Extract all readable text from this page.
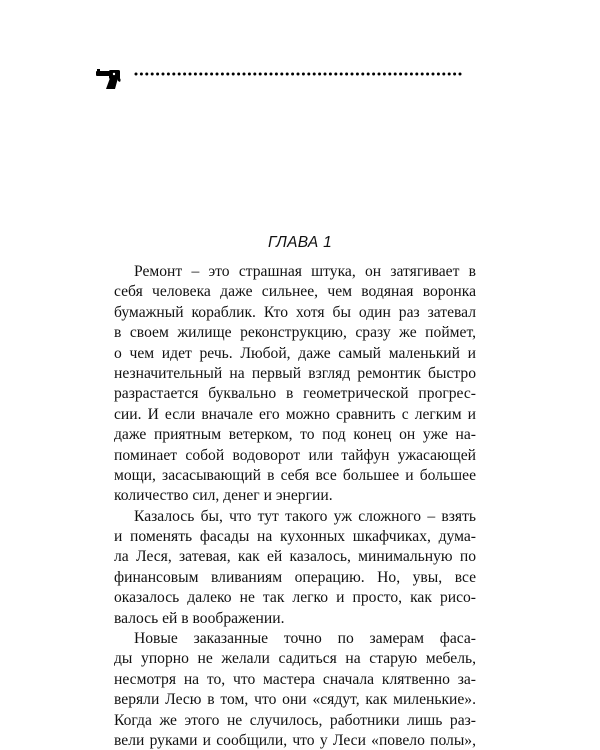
ГЛАВА 1
Ремонт – это страшная штука, он затягивает в
себя человека даже сильнее, чем водяная воронка
бумажный кораблик. Кто хотя бы один раз затевал
в своем жилище реконструкцию, сразу же поймет,
о чем идет речь. Любой, даже самый маленький и
незначительный на первый взгляд ремонтик быстро
разрастается буквально в геометрической прогрес-
сии. И если вначале его можно сравнить с легким и
даже приятным ветерком, то под конец он уже на-
поминает собой водоворот или тайфун ужасающей
мощи, засасывающий в себя все большее и большее
количество сил, денег и энергии.
Казалось бы, что тут такого уж сложного – взять
и поменять фасады на кухонных шкафчиках, дума-
ла Леся, затевая, как ей казалось, минимальную по
финансовым вливаниям операцию. Но, увы, все
оказалось далеко не так легко и просто, как рисо-
валось ей в воображении.
Новые заказанные точно по замерам фаса-
ды упорно не желали садиться на старую мебель,
несмотря на то, что мастера сначала клятвенно за-
веряли Лесю в том, что они «сядут, как миленькие».
Когда же этого не случилось, работники лишь раз-
вели руками и сообщили, что у Леси «повело полы»,
